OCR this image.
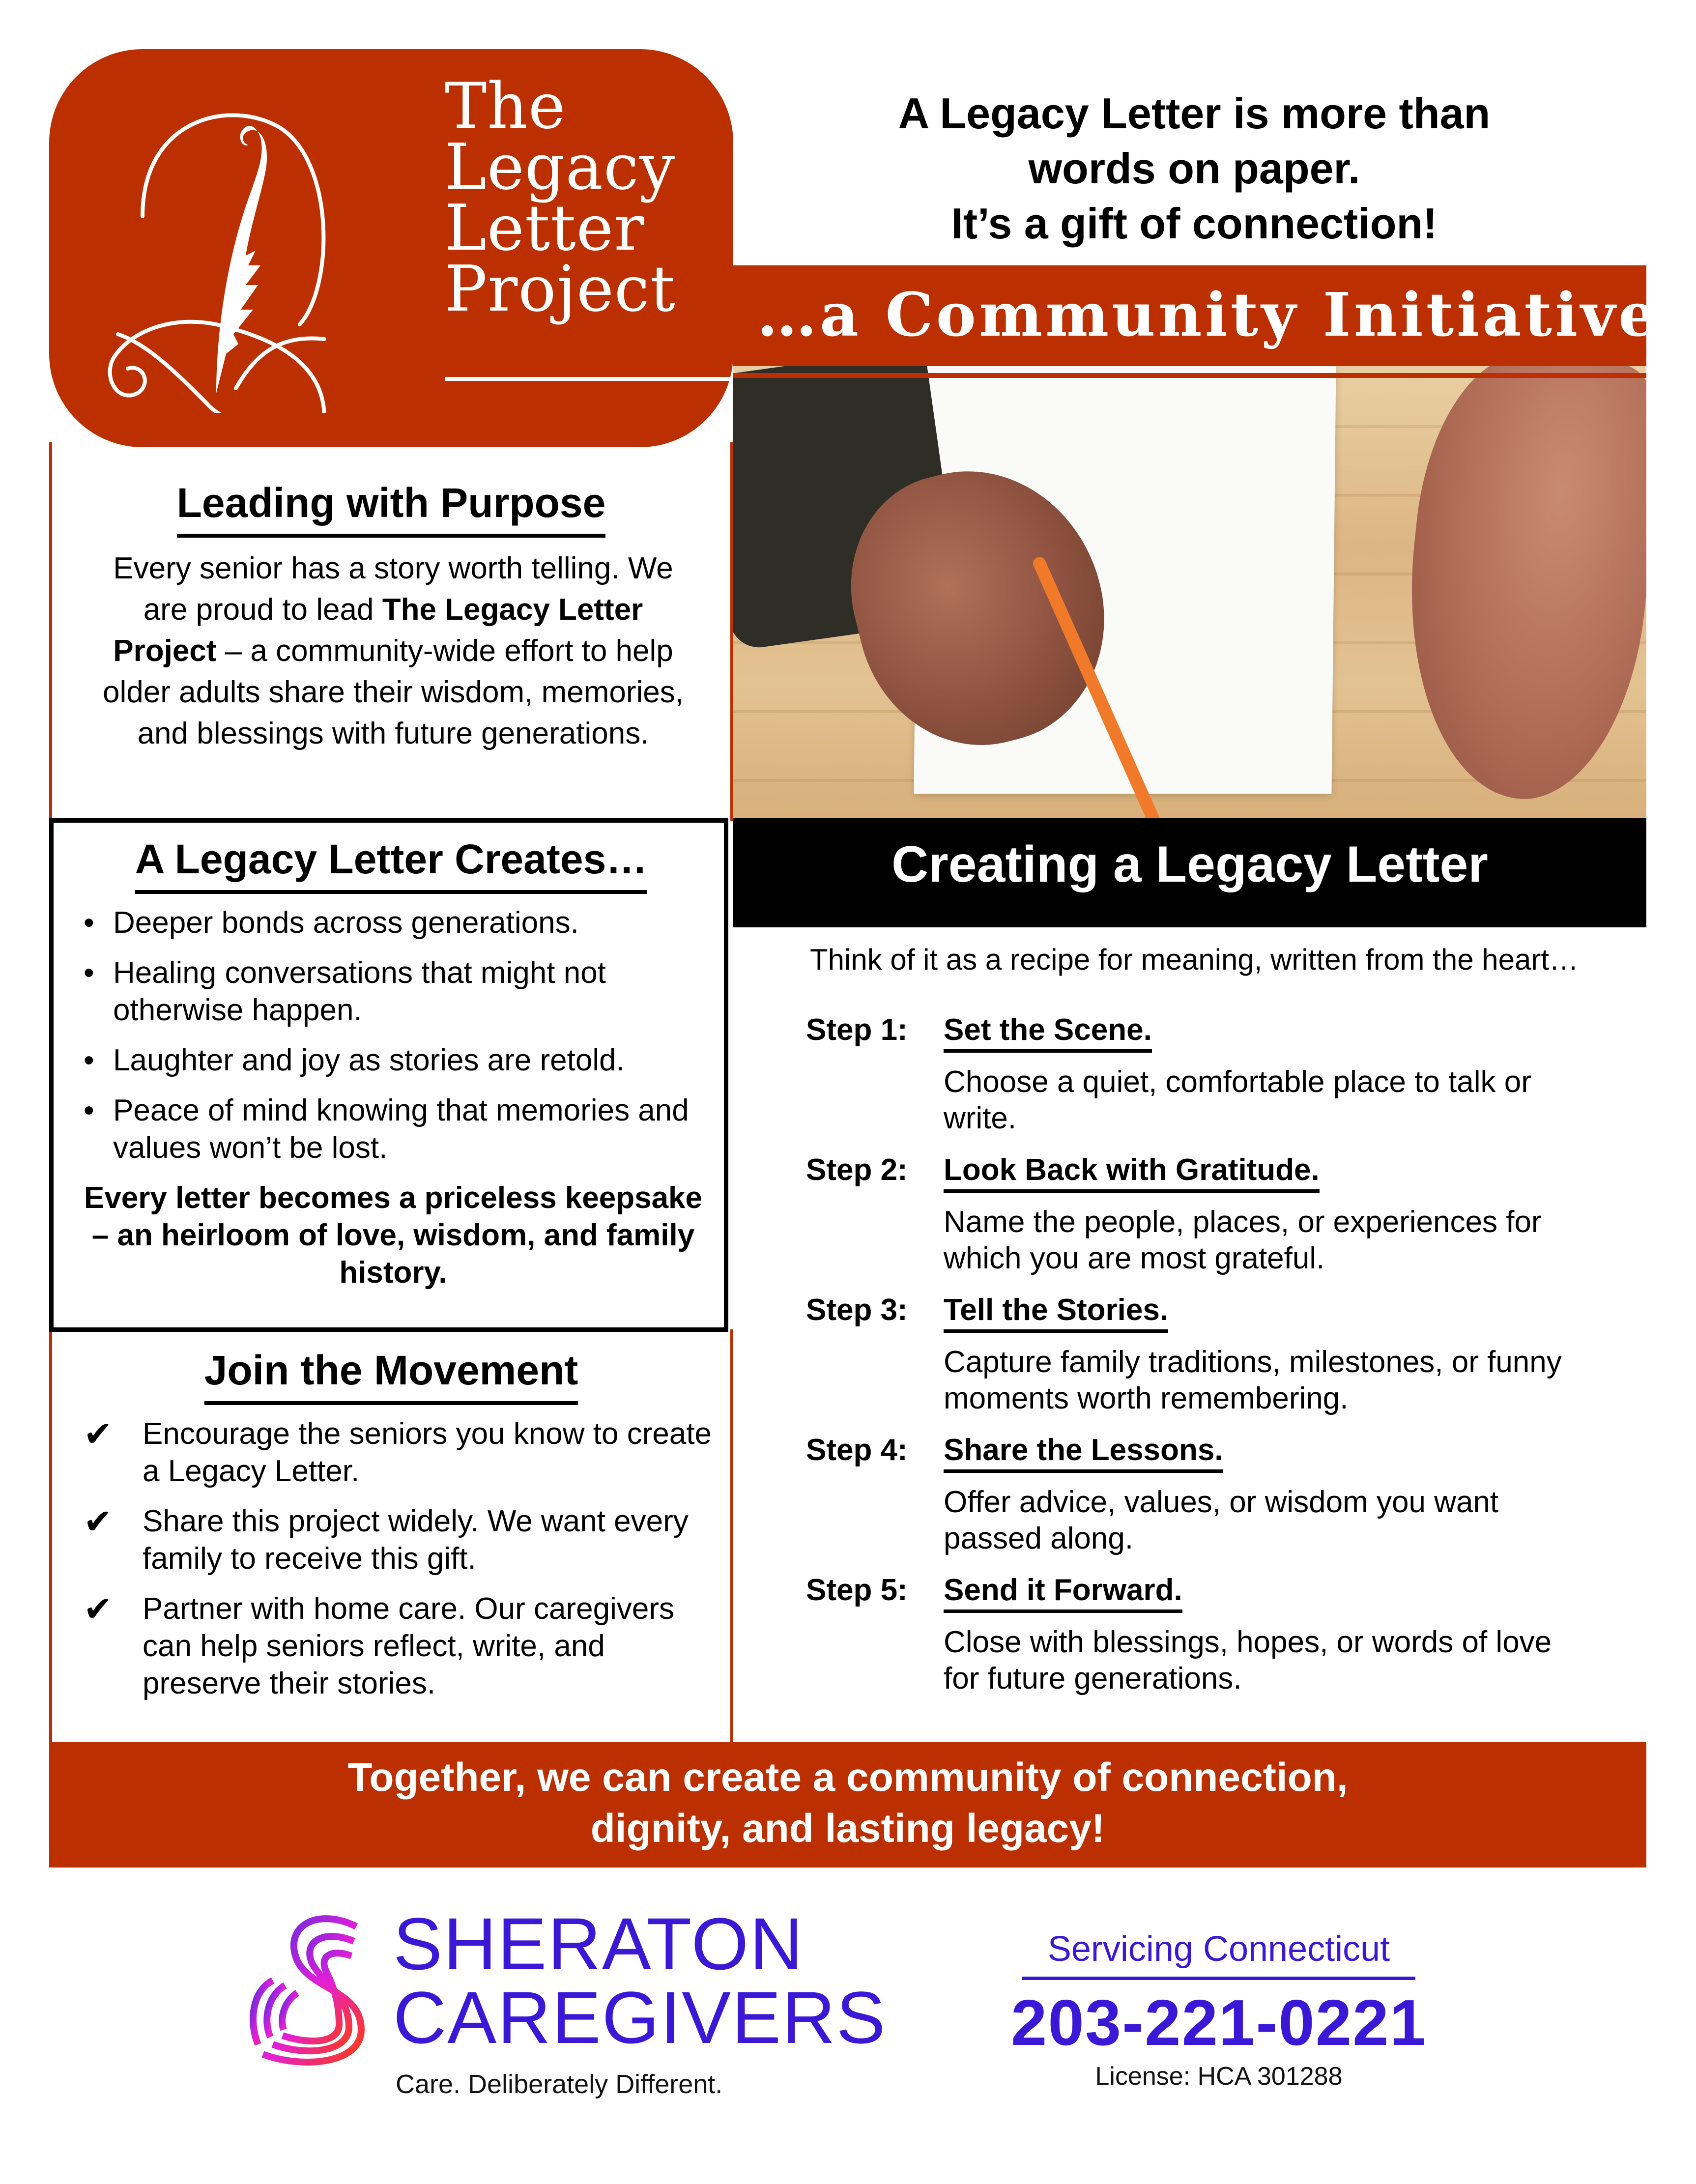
The
Legacy
Letter
Project
A Legacy Letter is more than
words on paper.
It’s a gift of connection!
…a Community Initiative
Leading with Purpose
Every senior has a story worth telling. We are proud to lead The Legacy Letter Project – a community-wide effort to help older adults share their wisdom, memories, and blessings with future generations.
A Legacy Letter Creates…
• Deeper bonds across generations.
• Healing conversations that might not otherwise happen.
• Laughter and joy as stories are retold.
• Peace of mind knowing that memories and values won’t be lost.
Every letter becomes a priceless keepsake – an heirloom of love, wisdom, and family history.
Join the Movement
✔ Encourage the seniors you know to create a Legacy Letter.
✔ Share this project widely. We want every family to receive this gift.
✔ Partner with home care. Our caregivers can help seniors reflect, write, and preserve their stories.
Creating a Legacy Letter
Think of it as a recipe for meaning, written from the heart…
Step 1: Set the Scene.
Choose a quiet, comfortable place to talk or write.
Step 2: Look Back with Gratitude.
Name the people, places, or experiences for which you are most grateful.
Step 3: Tell the Stories.
Capture family traditions, milestones, or funny moments worth remembering.
Step 4: Share the Lessons.
Offer advice, values, or wisdom you want passed along.
Step 5: Send it Forward.
Close with blessings, hopes, or words of love for future generations.
Together, we can create a community of connection,
dignity, and lasting legacy!
SHERATON
CAREGIVERS
Care. Deliberately Different.
Servicing Connecticut
203-221-0221
License: HCA 301288
